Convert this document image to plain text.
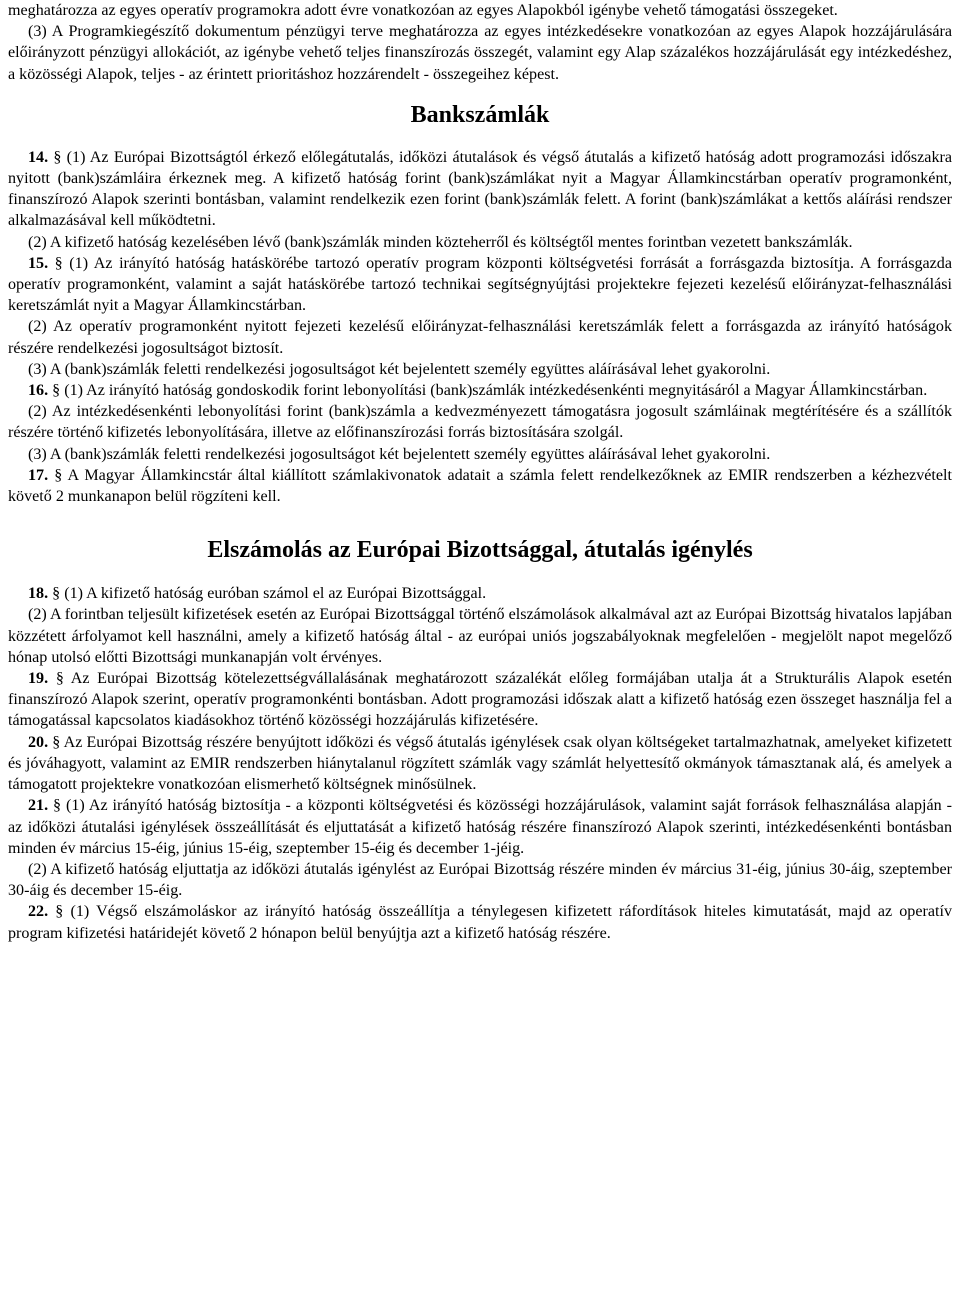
meghatározza az egyes operatív programokra adott évre vonatkozóan az egyes Alapokból igénybe vehető támogatási összegeket.

(3) A Programkiegészítő dokumentum pénzügyi terve meghatározza az egyes intézkedésekre vonatkozóan az egyes Alapok hozzájárulására előirányzott pénzügyi allokációt, az igénybe vehető teljes finanszírozás összegét, valamint egy Alap százalékos hozzájárulását egy intézkedéshez, a közösségi Alapok, teljes - az érintett prioritáshoz hozzárendelt - összegeihez képest.

Bankszámlák

14. § (1) Az Európai Bizottságtól érkező előlegátutalás, időközi átutalások és végső átutalás a kifizető hatóság adott programozási időszakra nyitott (bank)számláira érkeznek meg. A kifizető hatóság forint (bank)számlákat nyit a Magyar Államkincstárban operatív programonként, finanszírozó Alapok szerinti bontásban, valamint rendelkezik ezen forint (bank)számlák felett. A forint (bank)számlákat a kettős aláírási rendszer alkalmazásával kell működtetni.

(2) A kifizető hatóság kezelésében lévő (bank)számlák minden közteherről és költségtől mentes forintban vezetett bankszámlák.

15. § (1) Az irányító hatóság hatáskörébe tartozó operatív program központi költségvetési forrását a forrásgazda biztosítja. A forrásgazda operatív programonként, valamint a saját hatáskörébe tartozó technikai segítségnyújtási projektekre fejezeti kezelésű előirányzat-felhasználási keretszámlát nyit a Magyar Államkincstárban.

(2) Az operatív programonként nyitott fejezeti kezelésű előirányzat-felhasználási keretszámlák felett a forrásgazda az irányító hatóságok részére rendelkezési jogosultságot biztosít.

(3) A (bank)számlák feletti rendelkezési jogosultságot két bejelentett személy együttes aláírásával lehet gyakorolni.

16. § (1) Az irányító hatóság gondoskodik forint lebonyolítási (bank)számlák intézkedésenkénti megnyitásáról a Magyar Államkincstárban.

(2) Az intézkedésenkénti lebonyolítási forint (bank)számla a kedvezményezett támogatásra jogosult számláinak megtérítésére és a szállítók részére történő kifizetés lebonyolítására, illetve az előfinanszírozási forrás biztosítására szolgál.

(3) A (bank)számlák feletti rendelkezési jogosultságot két bejelentett személy együttes aláírásával lehet gyakorolni.

17. § A Magyar Államkincstár által kiállított számlakivonatok adatait a számla felett rendelkezőknek az EMIR rendszerben a kézhezvételt követő 2 munkanapon belül rögzíteni kell.

Elszámolás az Európai Bizottsággal, átutalás igénylés

18. § (1) A kifizető hatóság euróban számol el az Európai Bizottsággal.

(2) A forintban teljesült kifizetések esetén az Európai Bizottsággal történő elszámolások alkalmával azt az Európai Bizottság hivatalos lapjában közzétett árfolyamot kell használni, amely a kifizető hatóság által - az európai uniós jogszabályoknak megfelelően - megjelölt napot megelőző hónap utolsó előtti Bizottsági munkanapján volt érvényes.

19. § Az Európai Bizottság kötelezettségvállalásának meghatározott százalékát előleg formájában utalja át a Strukturális Alapok esetén finanszírozó Alapok szerint, operatív programonkénti bontásban. Adott programozási időszak alatt a kifizető hatóság ezen összeget használja fel a támogatással kapcsolatos kiadásokhoz történő közösségi hozzájárulás kifizetésére.

20. § Az Európai Bizottság részére benyújtott időközi és végső átutalás igénylések csak olyan költségeket tartalmazhatnak, amelyeket kifizetett és jóváhagyott, valamint az EMIR rendszerben hiánytalanul rögzített számlák vagy számlát helyettesítő okmányok támasztanak alá, és amelyek a támogatott projektekre vonatkozóan elismerhető költségnek minősülnek.

21. § (1) Az irányító hatóság biztosítja - a központi költségvetési és közösségi hozzájárulások, valamint saját források felhasználása alapján - az időközi átutalási igénylések összeállítását és eljuttatását a kifizető hatóság részére finanszírozó Alapok szerinti, intézkedésenkénti bontásban minden év március 15-éig, június 15-éig, szeptember 15-éig és december 1-jéig.

(2) A kifizető hatóság eljuttatja az időközi átutalás igénylést az Európai Bizottság részére minden év március 31-éig, június 30-áig, szeptember 30-áig és december 15-éig.

22. § (1) Végső elszámoláskor az irányító hatóság összeállítja a ténylegesen kifizetett ráfordítások hiteles kimutatását, majd az operatív program kifizetési határidejét követő 2 hónapon belül benyújtja azt a kifizető hatóság részére.
